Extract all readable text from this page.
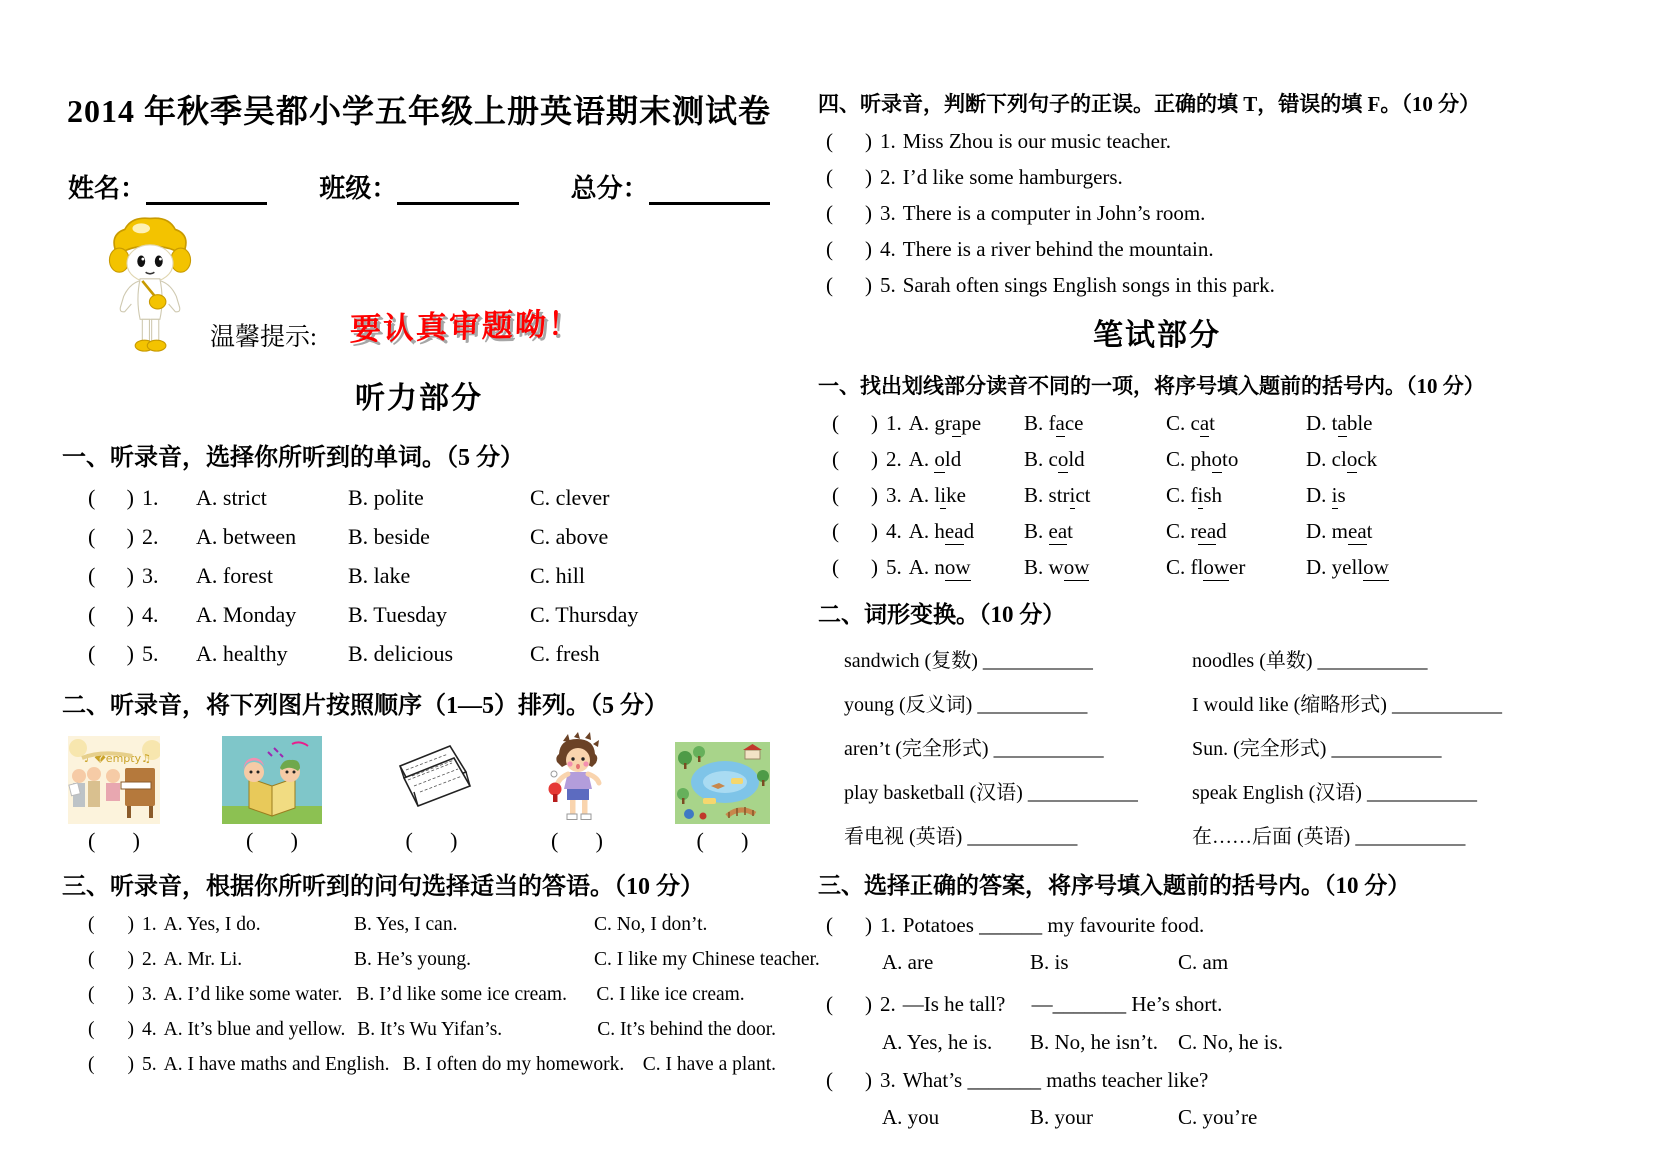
2014 年秋季吴都小学五年级上册英语期末测试卷
姓名：	班级：	总分：
温馨提示: 要认真审题呦！
听力部分
一、听录音，选择你所听到的单词。（5 分）
( ) 1. A. strict	B. polite	C. clever
( ) 2. A. between	B. beside	C. above
( ) 3. A. forest	B. lake	C. hill
( ) 4. A. Monday	B. Tuesday	C. Thursday
( ) 5. A. healthy	B. delicious	C. fresh
二、听录音，将下列图片按照顺序（1—5）排列。（5 分）
♪ �empty♫
( )	( )	( )	( )	( )
三、听录音，根据你所听到的问句选择适当的答语。（10 分）
( ) 1. A. Yes, I do.	B. Yes, I can.	C. No, I don’t.
( ) 2. A. Mr. Li.	B. He’s young.	C. I like my Chinese teacher.
( ) 3. A. I’d like some water. B. I’d like some ice cream.	C. I like ice cream.
( ) 4. A. It’s blue and yellow. B. It’s Wu Yifan’s.	C. It’s behind the door.
( ) 5. A. I have maths and English. B. I often do my homework. C. I have a plant.
四、听录音，判断下列句子的正误。正确的填 T，错误的填 F。（10 分）
( ) 1. Miss Zhou is our music teacher.
( ) 2. I’d like some hamburgers.
( ) 3. There is a computer in John’s room.
( ) 4. There is a river behind the mountain.
( ) 5. Sarah often sings English songs in this park.
笔试部分
一、找出划线部分读音不同的一项，将序号填入题前的括号内。（10 分）
( ) 1. A. grape B. face	C. cat	D. table
( ) 2. A. old	B. cold	C. photo	D. clock
( ) 3. A. like	B. strict	C. fish	D. is
( ) 4. A. head B. eat	C. read	D. meat
( ) 5. A. now	B. wow	C. flower	D. yellow
二、词形变换。（10 分）
sandwich (复数) ___________	noodles (单数) ___________
young (反义词) ___________	I would like (缩略形式) ___________
aren’t (完全形式) ___________	Sun. (完全形式) ___________
play basketball (汉语) ___________	speak English (汉语) ___________
看电视 (英语) ___________	在……后面 (英语) ___________
三、选择正确的答案，将序号填入题前的括号内。（10 分）
( ) 1. Potatoes ______ my favourite food.
A. are	B. is	C. am
( ) 2. —Is he tall?　 —_______ He’s short.
A. Yes, he is.	B. No, he isn’t. C. No, he is.
( ) 3. What’s _______ maths teacher like?
A. you	B. your	C. you’re
